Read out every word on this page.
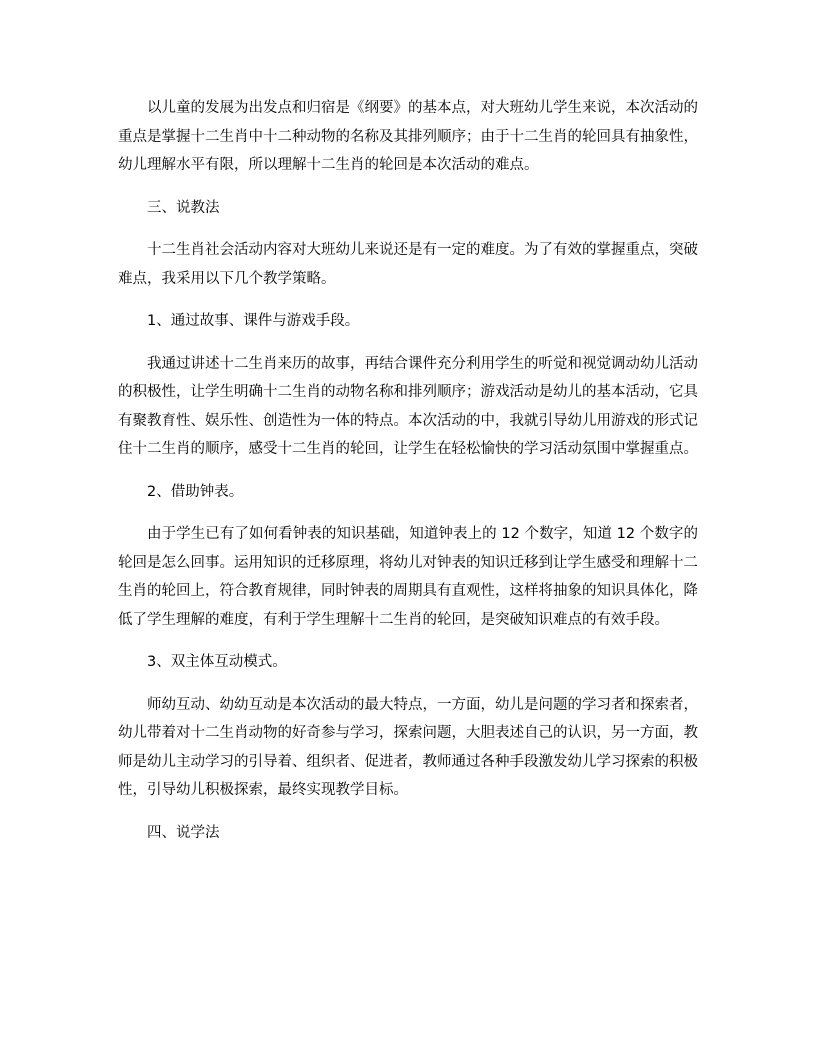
以儿童的发展为出发点和归宿是《纲要》的基本点，对大班幼儿学生来说，本次活动的重点是掌握十二生肖中十二种动物的名称及其排列顺序；由于十二生肖的轮回具有抽象性，幼儿理解水平有限，所以理解十二生肖的轮回是本次活动的难点。

三、说教法

十二生肖社会活动内容对大班幼儿来说还是有一定的难度。为了有效的掌握重点，突破难点，我采用以下几个教学策略。

1、通过故事、课件与游戏手段。

我通过讲述十二生肖来历的故事，再结合课件充分利用学生的听觉和视觉调动幼儿活动的积极性，让学生明确十二生肖的动物名称和排列顺序；游戏活动是幼儿的基本活动，它具有聚教育性、娱乐性、创造性为一体的特点。本次活动的中，我就引导幼儿用游戏的形式记住十二生肖的顺序，感受十二生肖的轮回，让学生在轻松愉快的学习活动氛围中掌握重点。

2、借助钟表。

由于学生已有了如何看钟表的知识基础，知道钟表上的 12 个数字，知道 12 个数字的轮回是怎么回事。运用知识的迁移原理，将幼儿对钟表的知识迁移到让学生感受和理解十二生肖的轮回上，符合教育规律，同时钟表的周期具有直观性，这样将抽象的知识具体化，降低了学生理解的难度，有利于学生理解十二生肖的轮回，是突破知识难点的有效手段。

3、双主体互动模式。

师幼互动、幼幼互动是本次活动的最大特点，一方面，幼儿是问题的学习者和探索者，幼儿带着对十二生肖动物的好奇参与学习，探索问题，大胆表述自己的认识，另一方面，教师是幼儿主动学习的引导着、组织者、促进者，教师通过各种手段激发幼儿学习探索的积极性，引导幼儿积极探索，最终实现教学目标。

四、说学法
